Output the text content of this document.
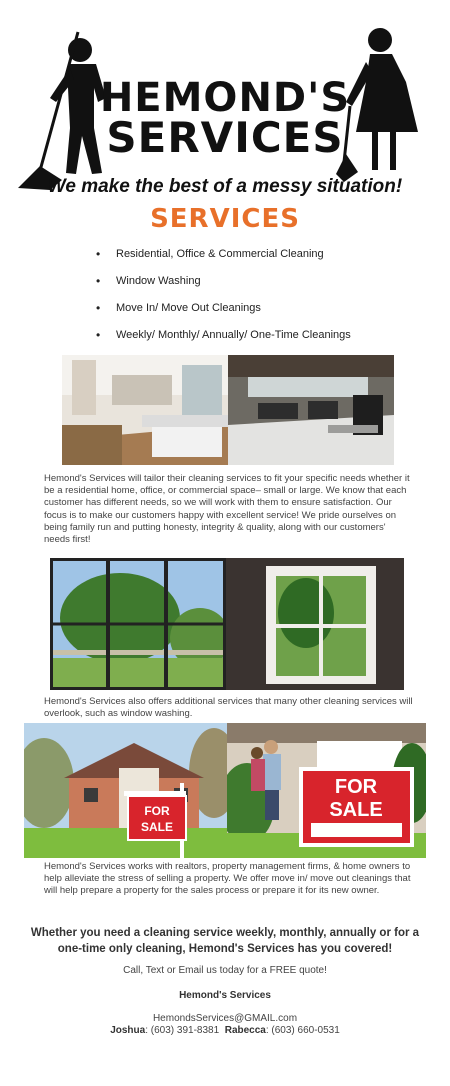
HEMOND'S
SERVICES
We make the best of a messy situation!
SERVICES
• Residential, Office & Commercial Cleaning
• Window Washing
• Move In/ Move Out Cleanings
• Weekly/ Monthly/ Annually/ One-Time Cleanings
Hemond's Services will tailor their cleaning services to fit your specific needs whether it be a residential home, office, or commercial space– small or large. We know that each customer has different needs, so we will work with them to ensure satisfaction. Our focus is to make our customers happy with excellent service! We pride ourselves on being family run and putting honesty, integrity & quality, along with our customers' needs first!
Hemond's Services also offers additional services that many other cleaning services will overlook, such as window washing.
FOR
SALE
FOR
SALE
Hemond's Services works with realtors, property management firms, & home owners to help alleviate the stress of selling a property. We offer move in/ move out cleanings that will help prepare a property for the sales process or prepare it for its new owner.
Whether you need a cleaning service weekly, monthly, annually or for a one-time only cleaning, Hemond's Services has you covered!
Call, Text or Email us today for a FREE quote!
Hemond's Services
HemondsServices@GMAIL.com
Joshua: (603) 391-8381 Rabecca: (603) 660-0531
